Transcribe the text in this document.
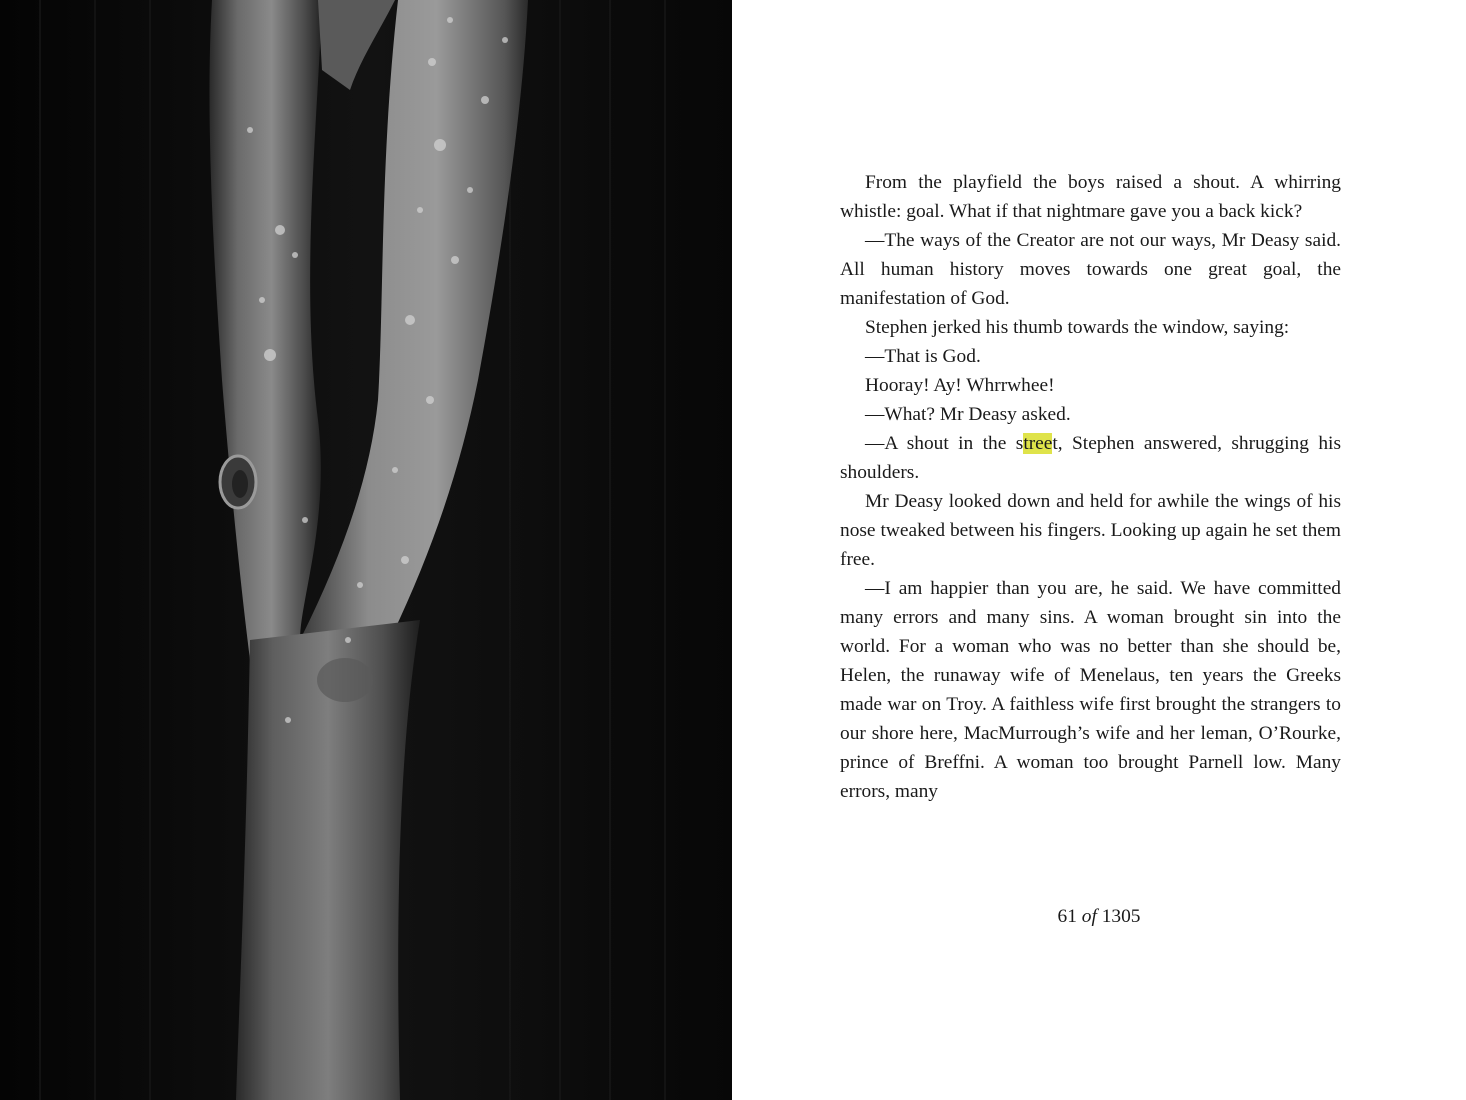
From the playfield the boys raised a shout. A whirring whistle: goal. What if that nightmare gave you a back kick?

—The ways of the Creator are not our ways, Mr Deasy said. All human history moves towards one great goal, the manifestation of God.

Stephen jerked his thumb towards the window, saying:

—That is God.

Hooray! Ay! Whrrwhee!

—What? Mr Deasy asked.

—A shout in the street, Stephen answered, shrugging his shoulders.

Mr Deasy looked down and held for awhile the wings of his nose tweaked between his fingers. Looking up again he set them free.

—I am happier than you are, he said. We have committed many errors and many sins. A woman brought sin into the world. For a woman who was no better than she should be, Helen, the runaway wife of Menelaus, ten years the Greeks made war on Troy. A faithless wife first brought the strangers to our shore here, MacMurrough’s wife and her leman, O’Rourke, prince of Breffni. A woman too brought Parnell low. Many errors, many

61 of 1305
